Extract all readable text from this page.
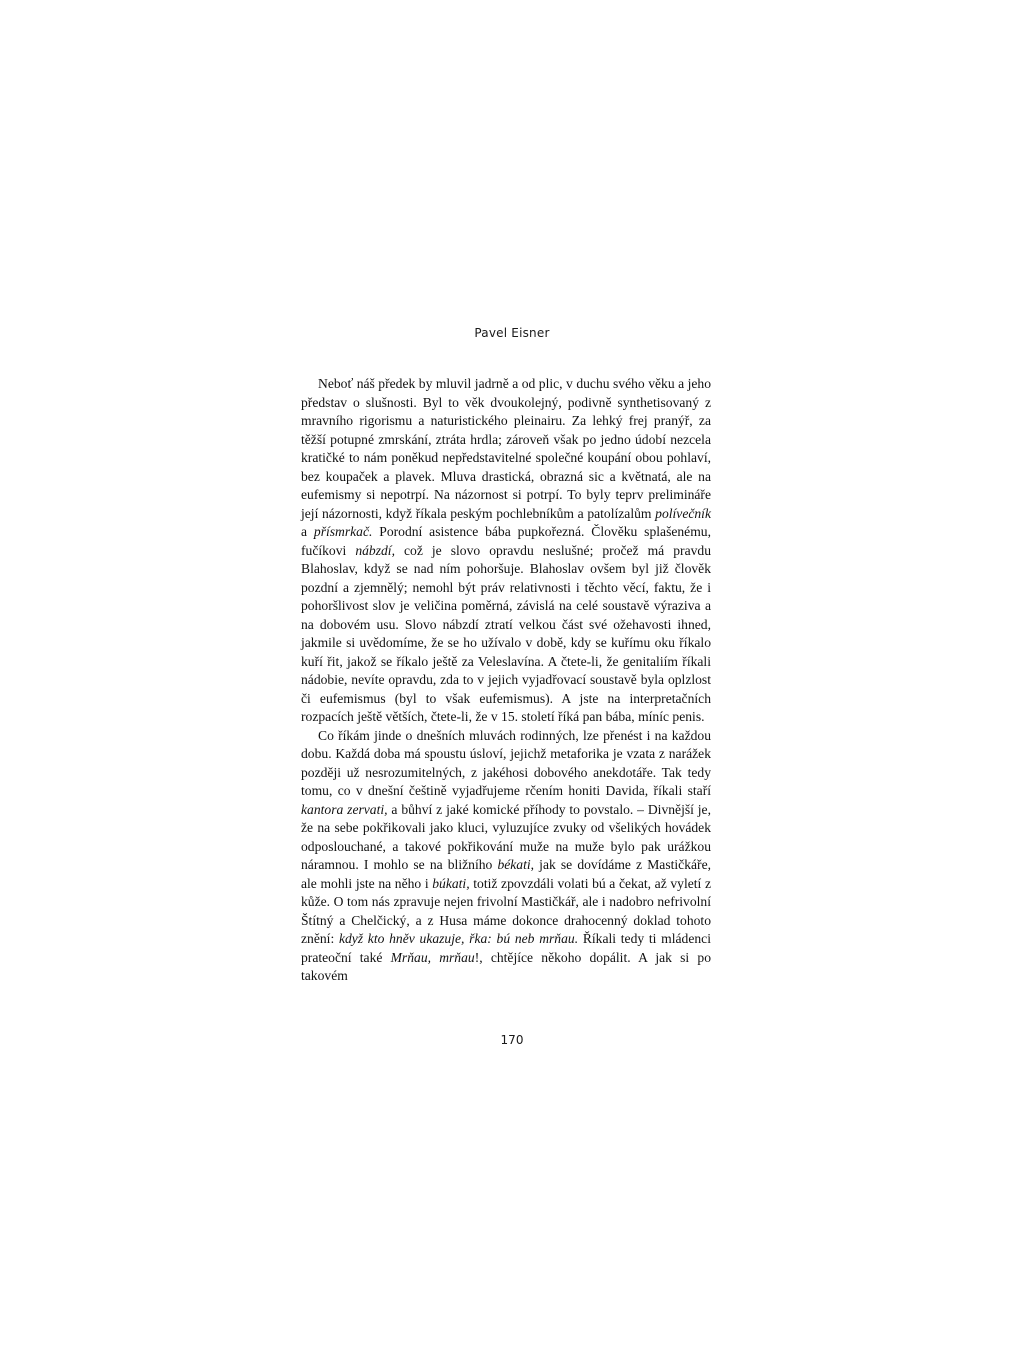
Pavel Eisner

Neboť náš předek by mluvil jadrně a od plic, v duchu svého věku a jeho představ o slušnosti. Byl to věk dvoukolejný, podivně synthetisovaný z mravního rigorismu a naturistického pleinairu. Za lehký frej pranýř, za těžší potupné zmrskání, ztráta hrdla; zároveň však po jedno údobí nezcela kratičké to nám poněkud nepředstavitelné společné koupání obou pohlaví, bez koupaček a plavek. Mluva drastická, obrazná sic a květnatá, ale na eufemismy si nepotrpí. Na názornost si potrpí. To byly teprv prelimináře její názornosti, když říkala peským pochlebníkům a patolízalům polívečník a přísmrkač. Porodní asistence bába pupkořezná. Člověku splašenému, fučíkovi nábzdí, což je slovo opravdu neslušné; pročež má pravdu Blahoslav, když se nad ním pohoršuje. Blahoslav ovšem byl již člověk pozdní a zjemnělý; nemohl být práv relativnosti i těchto věcí, faktu, že i pohoršlivost slov je veličina poměrná, závislá na celé soustavě výraziva a na dobovém usu. Slovo nábzdí ztratí velkou část své ožehavosti ihned, jakmile si uvědomíme, že se ho užívalo v době, kdy se kuřímu oku říkalo kuří řit, jakož se říkalo ještě za Veleslavína. A čtete-li, že genitaliím říkali nádobie, nevíte opravdu, zda to v jejich vyjadřovací soustavě byla oplzlost či eufemismus (byl to však eufemismus). A jste na interpretačních rozpacích ještě větších, čtete-li, že v 15. století říká pan bába, míníc penis.

Co říkám jinde o dnešních mluvách rodinných, lze přenést i na každou dobu. Každá doba má spoustu úsloví, jejichž metaforika je vzata z narážek později už nesrozumitelných, z jakéhosi dobového anekdotáře. Tak tedy tomu, co v dnešní češtině vyjadřujeme rčením honiti Davida, říkali staří kantora zervati, a bůhví z jaké komické příhody to povstalo. – Divnější je, že na sebe pokřikovali jako kluci, vyluzujíce zvuky od všelikých hovádek odposlouchané, a takové pokřikování muže na muže bylo pak urážkou náramnou. I mohlo se na bližního békati, jak se dovídáme z Mastičkáře, ale mohli jste na něho i búkati, totiž zpovzdáli volati bú a čekat, až vyletí z kůže. O tom nás zpravuje nejen frivolní Mastičkář, ale i nadobro nefrivolní Štítný a Chelčický, a z Husa máme dokonce drahocenný doklad tohoto znění: když kto hněv ukazuje, řka: bú neb mrňau. Říkali tedy ti mládenci prateoční také Mrňau, mrňau!, chtějíce někoho dopálit. A jak si po takovém

170
